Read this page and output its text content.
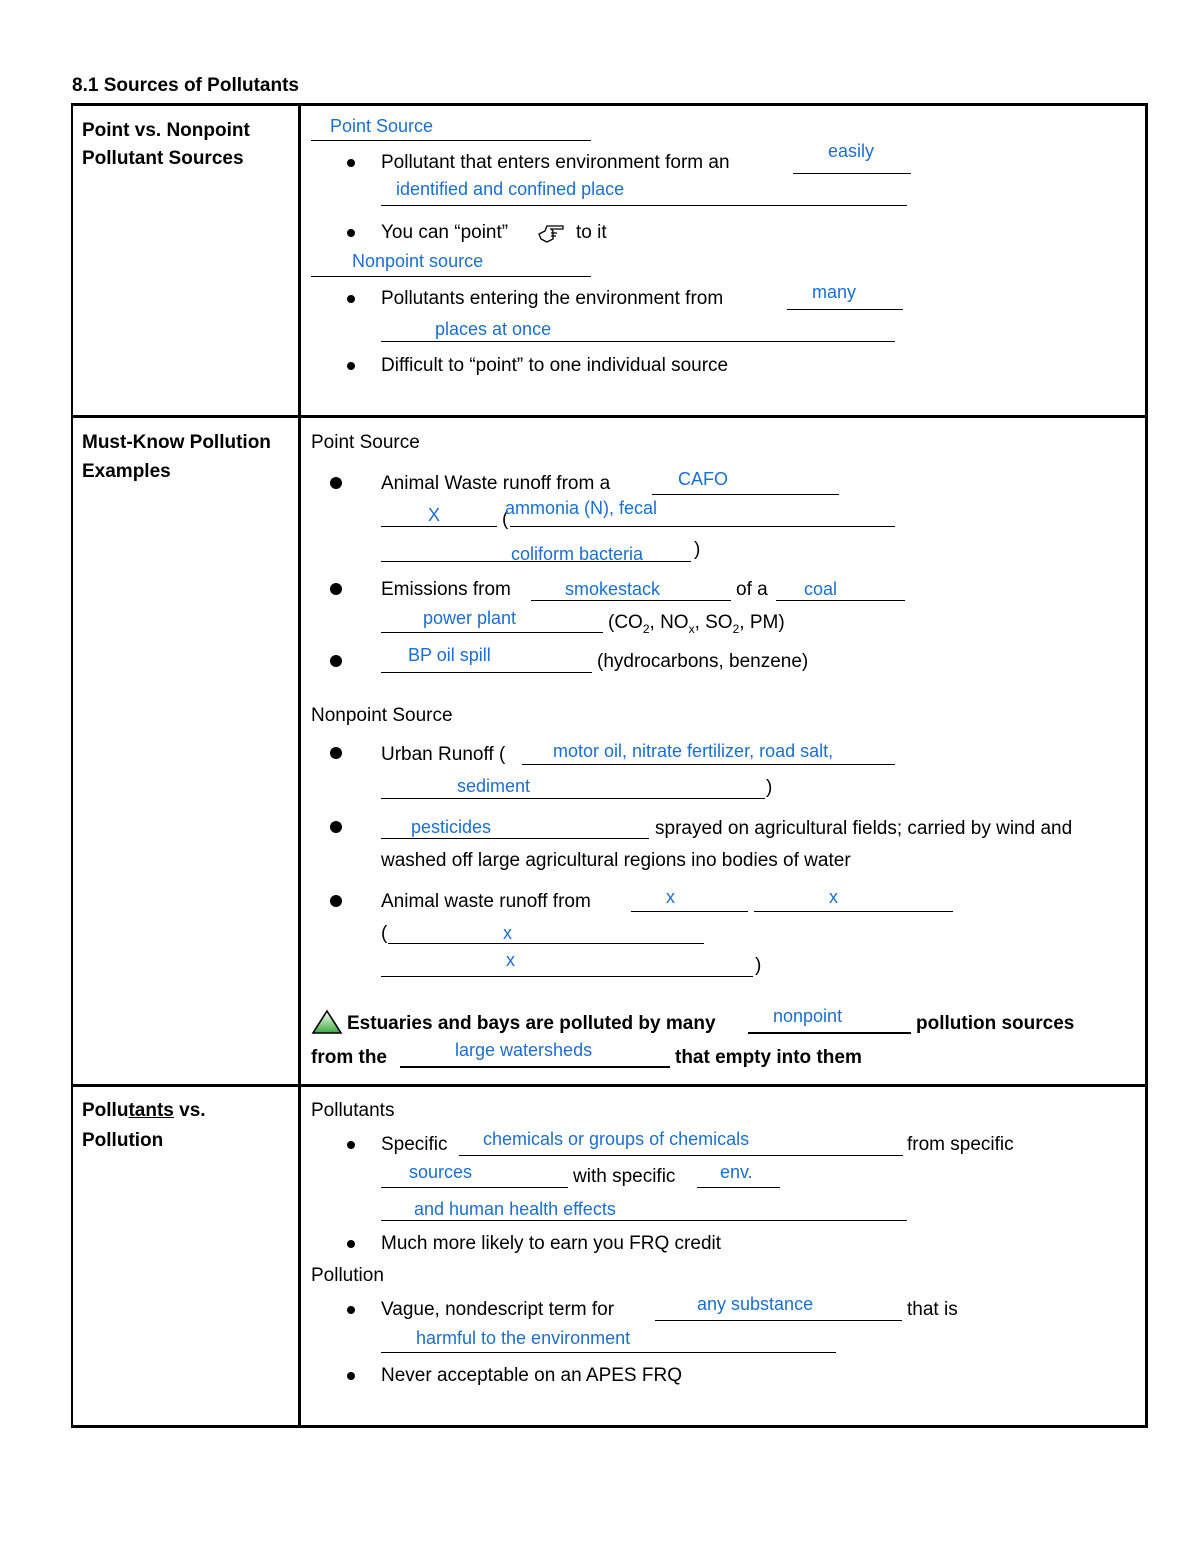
8.1 Sources of Pollutants
Point vs. Nonpoint
Pollutant Sources
Point Source
Pollutant that enters environment form an
easily
identified and confined place
You can “point”	to it
Nonpoint source
Pollutants entering the environment from	many
places at once
Difficult to “point” to one individual source
Must-Know Pollution
Examples
Point Source
Animal Waste runoff from a	CAFO
X	(
ammonia (N), fecal
coliform bacteria	)
Emissions from	smokestack	of a coal
power plant	($CO_2$, $NO_x$, $SO_2$, PM)
BP oil spill	(hydrocarbons, benzene)
Nonpoint Source
Urban Runoff (	motor oil, nitrate fertilizer, road salt,
sediment	)
pesticides	sprayed on agricultural fields; carried by wind and
washed off large agricultural regions ino bodies of water
Animal waste runoff from	x	x
(	x
x	)
Estuaries and bays are polluted by many	nonpoint	pollution sources
from the	large watersheds	that empty into them
Pollutants vs.
Pollution
Pollutants
Specific chemicals or groups of chemicals	from specific
sources	with specific env.
and human health effects
Much more likely to earn you FRQ credit
Pollution
Vague, nondescript term for	any substance	that is
harmful to the environment
Never acceptable on an APES FRQ
